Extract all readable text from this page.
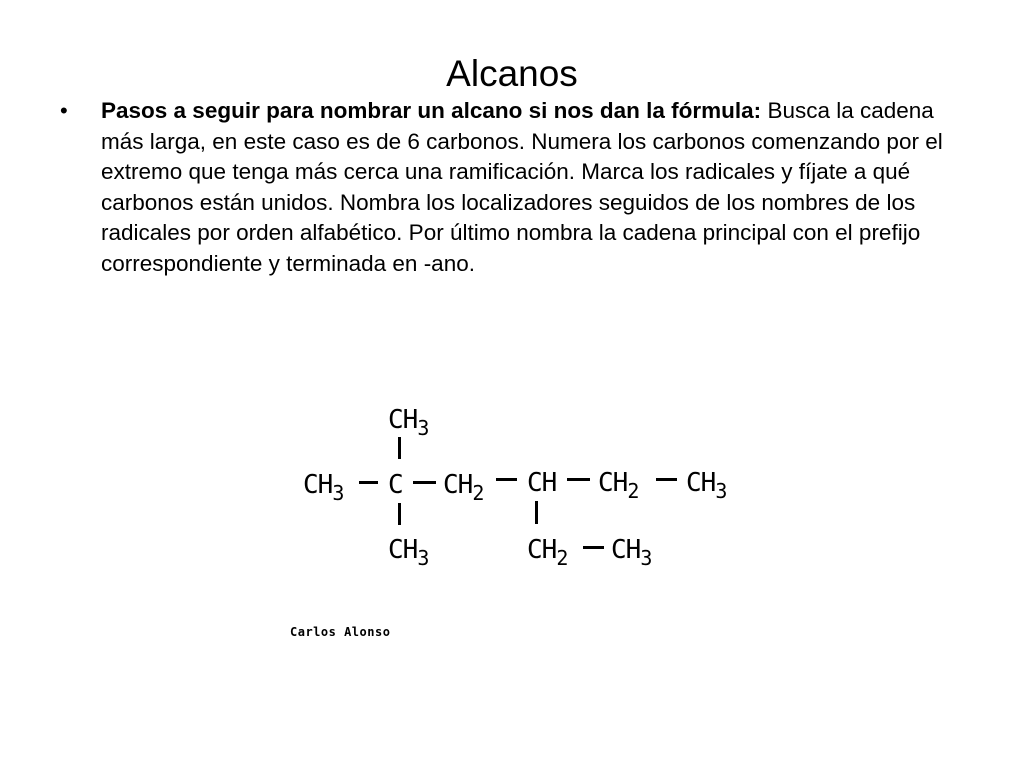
Alcanos
• Pasos a seguir para nombrar un alcano si nos dan la fórmula: Busca la cadena más larga, en este caso es de 6 carbonos. Numera los carbonos comenzando por el extremo que tenga más cerca una ramificación. Marca los radicales y fíjate a qué carbonos están unidos. Nombra los localizadores seguidos de los nombres de los radicales por orden alfabético. Por último nombra la cadena principal con el prefijo correspondiente y terminada en -ano.
$CH_3$
$CH_3$ C $CH_2$ CH $CH_2$ $CH_3$
$CH_3$	$CH_2$ $CH_3$
Carlos Alonso
